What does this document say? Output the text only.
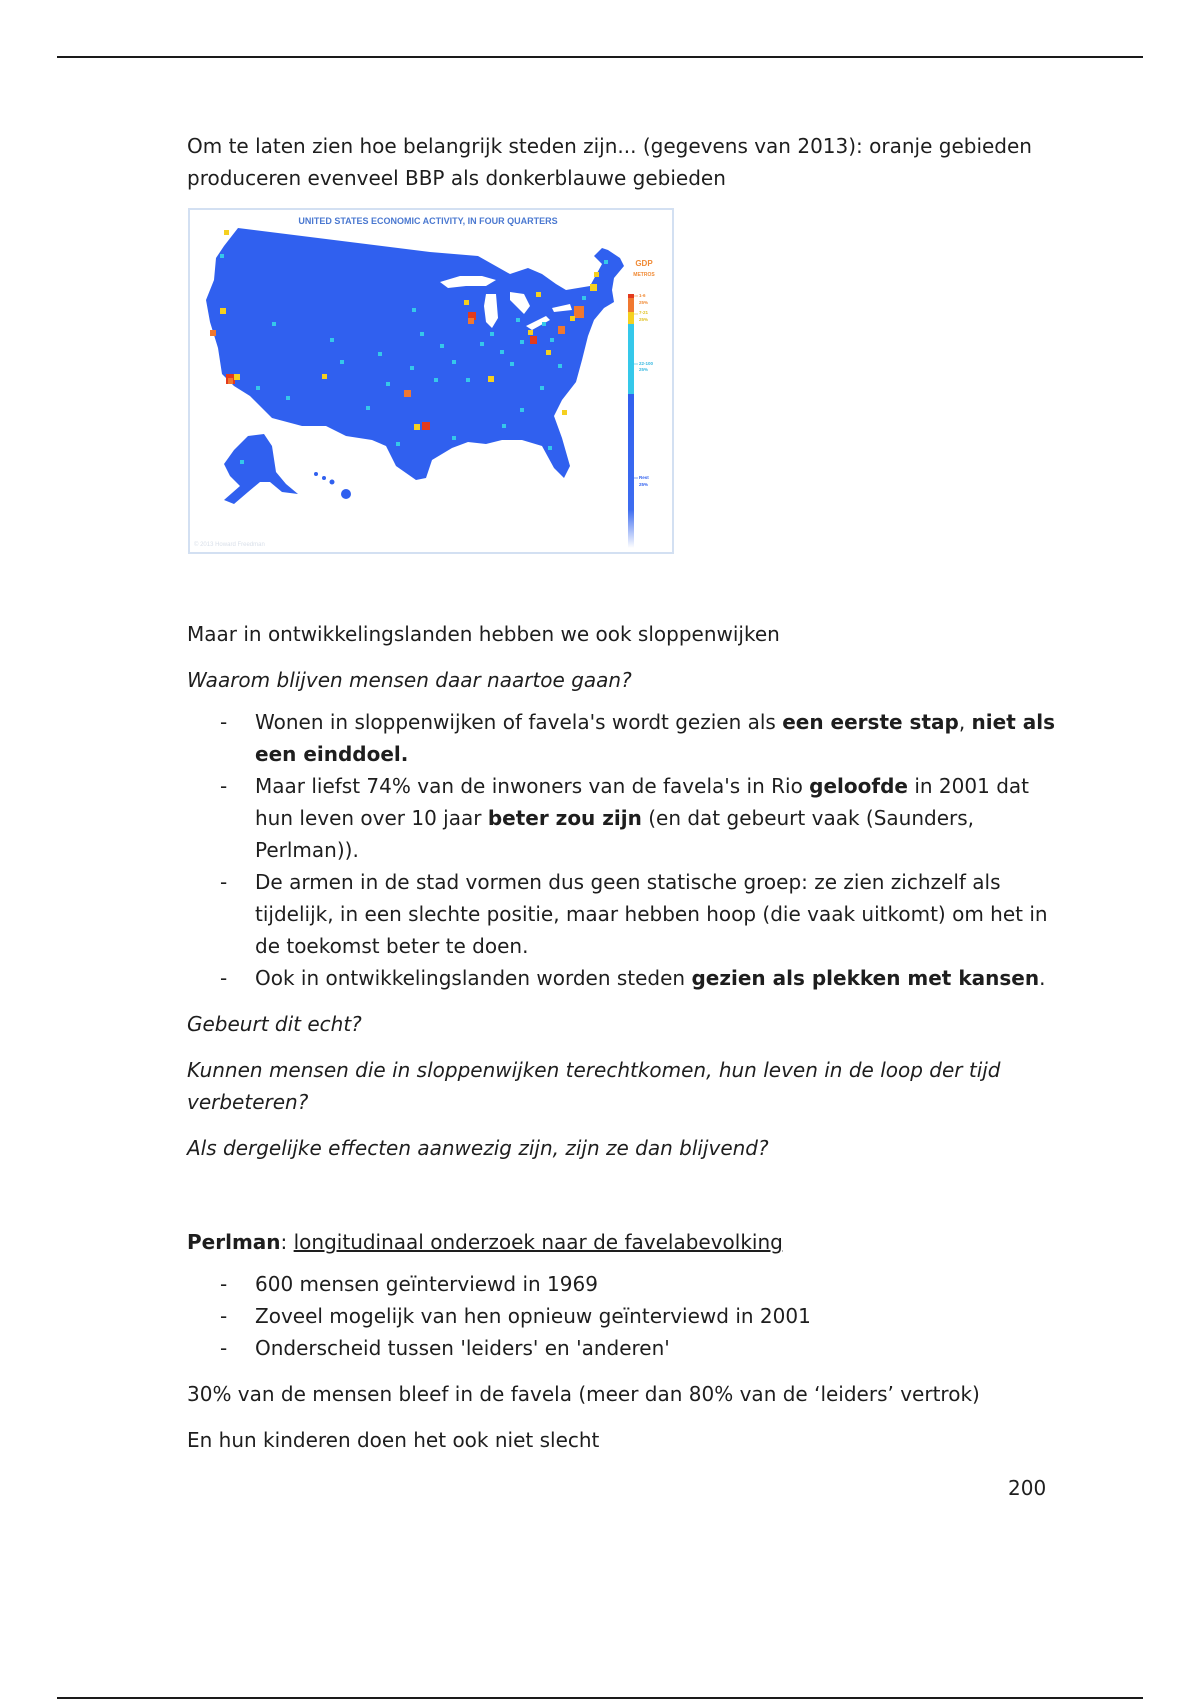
Om te laten zien hoe belangrijk steden zijn... (gegevens van 2013): oranje gebieden produceren evenveel BBP als donkerblauwe gebieden

UNITED STATES ECONOMIC ACTIVITY, IN FOUR QUARTERS
GDP
METROS
1-6
25%
7-21
25%
22-100
25%
Rest
25%
© 2013 Howard Freedman

Maar in ontwikkelingslanden hebben we ook sloppenwijken

Waarom blijven mensen daar naartoe gaan?

- Wonen in sloppenwijken of favela's wordt gezien als een eerste stap, niet als een einddoel.
- Maar liefst 74% van de inwoners van de favela's in Rio geloofde in 2001 dat hun leven over 10 jaar beter zou zijn (en dat gebeurt vaak (Saunders, Perlman)).
- De armen in de stad vormen dus geen statische groep: ze zien zichzelf als tijdelijk, in een slechte positie, maar hebben hoop (die vaak uitkomt) om het in de toekomst beter te doen.
- Ook in ontwikkelingslanden worden steden gezien als plekken met kansen.

Gebeurt dit echt?

Kunnen mensen die in sloppenwijken terechtkomen, hun leven in de loop der tijd verbeteren?

Als dergelijke effecten aanwezig zijn, zijn ze dan blijvend?

Perlman: longitudinaal onderzoek naar de favelabevolking

- 600 mensen geïnterviewd in 1969
- Zoveel mogelijk van hen opnieuw geïnterviewd in 2001
- Onderscheid tussen 'leiders' en 'anderen'

30% van de mensen bleef in de favela (meer dan 80% van de ‘leiders’ vertrok)

En hun kinderen doen het ook niet slecht

200
